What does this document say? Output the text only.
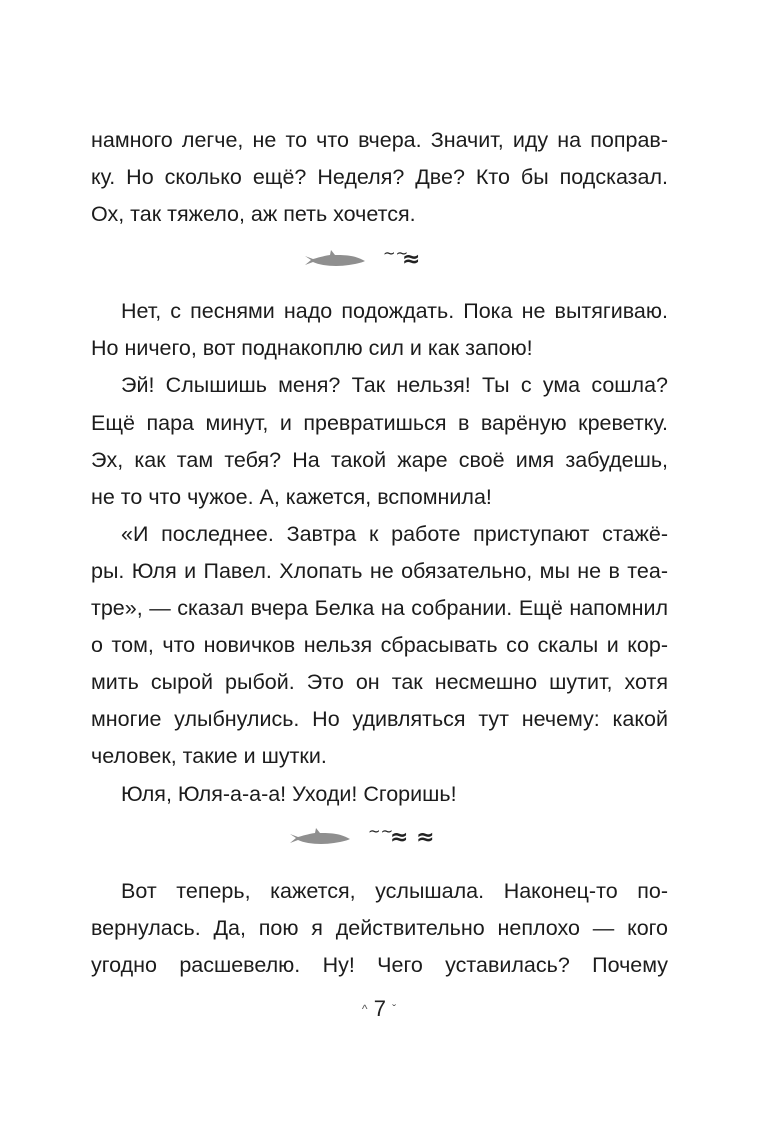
намного легче, не то что вчера. Значит, иду на поправ-
ку. Но сколько ещё? Неделя? Две? Кто бы подсказал.
Ох, так тяжело, аж петь хочется.
~~
≈
Нет, с песнями надо подождать. Пока не вытягиваю.
Но ничего, вот поднакоплю сил и как запою!
Эй! Слышишь меня? Так нельзя! Ты с ума сошла?
Ещё пара минут, и превратишься в варёную креветку.
Эх, как там тебя? На такой жаре своё имя забудешь,
не то что чужое. А, кажется, вспомнила!
«И последнее. Завтра к работе приступают стажё-
ры. Юля и Павел. Хлопать не обязательно, мы не в теа-
тре», — сказал вчера Белка на собрании. Ещё напомнил
о том, что новичков нельзя сбрасывать со скалы и кор-
мить сырой рыбой. Это он так несмешно шутит, хотя
многие улыбнулись. Но удивляться тут нечему: какой
человек, такие и шутки.
Юля, Юля-а-а-а! Уходи! Сгоришь!
~~
≈ ≈
Вот теперь, кажется, услышала. Наконец-то по-
вернулась. Да, пою я действительно неплохо — кого
угодно расшевелю. Ну! Чего уставилась? Почему
^ 7 ˇ
